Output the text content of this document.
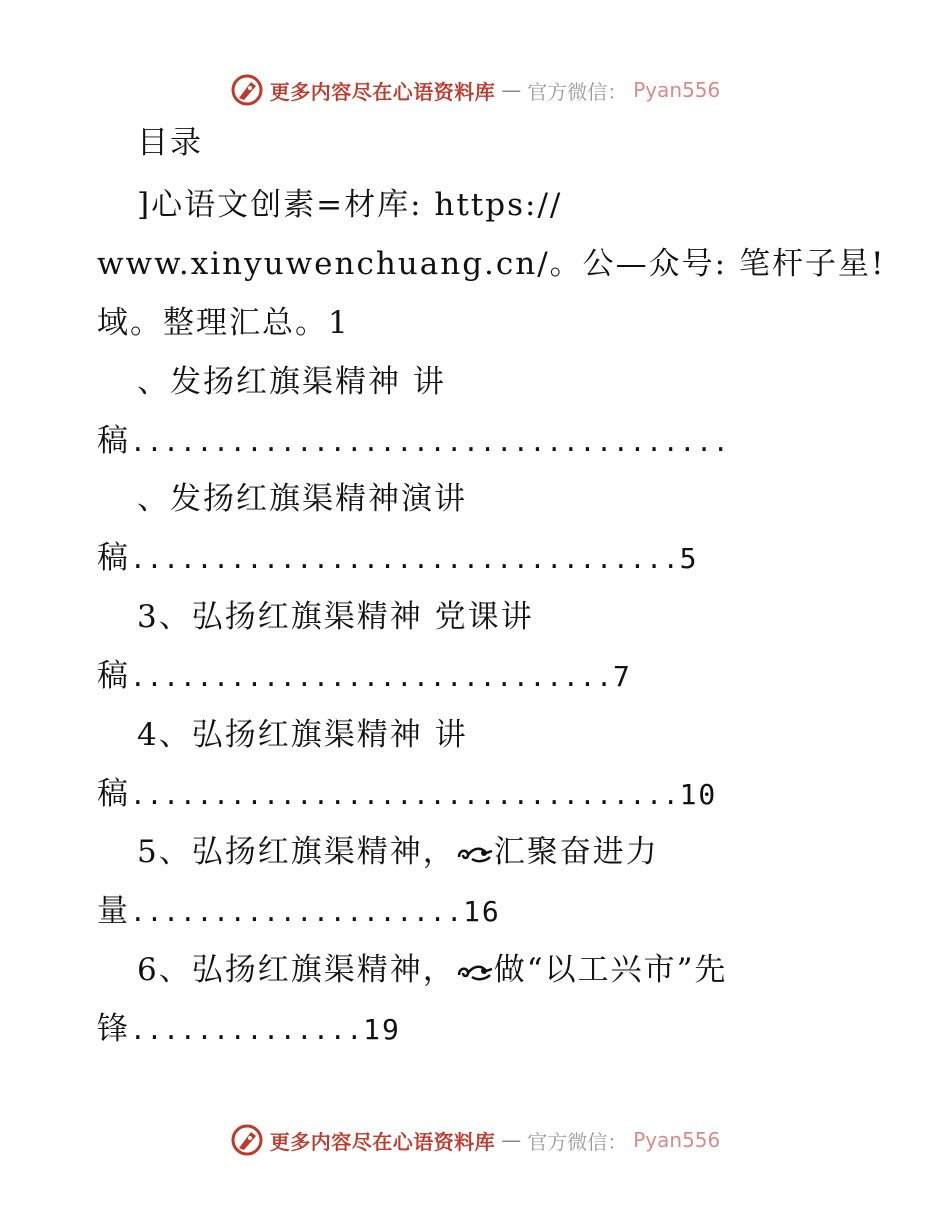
更多内容尽在心语资料库 — 官方微信： Pyan556
目录
]心语文创素=材库: https://
www.xinyuwenchuang.cn/。公—众号: 笔杆子星!
域。整理汇总。1
、发扬红旗渠精神 讲
稿....................................
、发扬红旗渠精神演讲
稿.................................5
3、弘扬红旗渠精神 党课讲
稿.............................7
4、弘扬红旗渠精神 讲
稿.................................10
5、弘扬红旗渠精神， 汇聚奋进力
量....................16
6、弘扬红旗渠精神， 做“以工兴市”先
锋..............19
更多内容尽在心语资料库 — 官方微信： Pyan556
